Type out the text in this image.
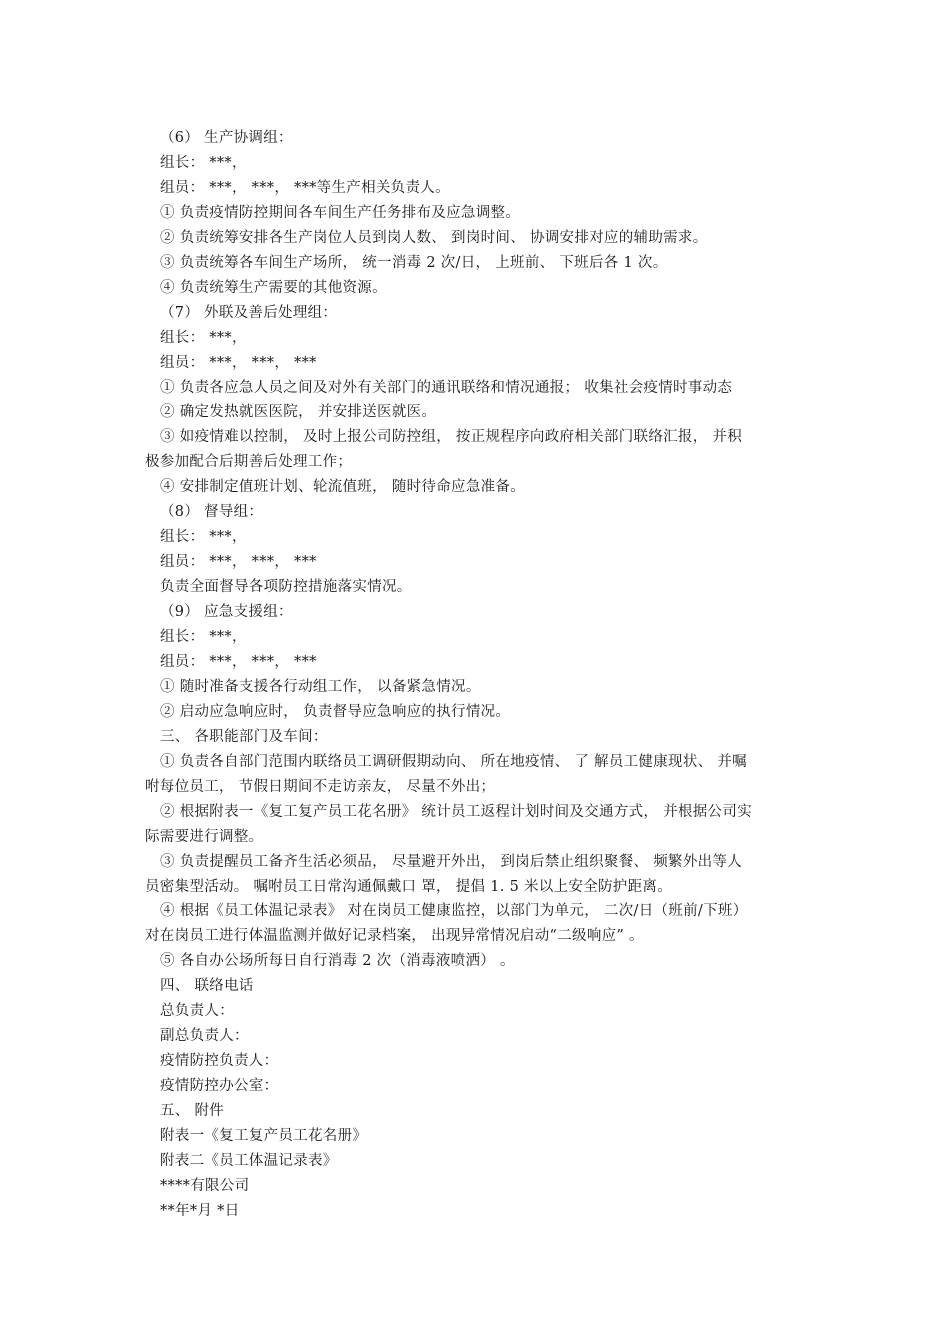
（6） 生产协调组：
组长： ***，
组员： ***， ***， ***等生产相关负责人。
① 负责疫情防控期间各车间生产任务排布及应急调整。
② 负责统筹安排各生产岗位人员到岗人数、 到岗时间、 协调安排对应的辅助需求。
③ 负责统筹各车间生产场所， 统一消毒 2 次/日， 上班前、 下班后各 1 次。
④ 负责统筹生产需要的其他资源。
（7） 外联及善后处理组：
组长： ***，
组员： ***， ***， ***
① 负责各应急人员之间及对外有关部门的通讯联络和情况通报； 收集社会疫情时事动态
② 确定发热就医医院， 并安排送医就医。
③ 如疫情难以控制， 及时上报公司防控组， 按正规程序向政府相关部门联络汇报， 并积
极参加配合后期善后处理工作；
④ 安排制定值班计划、轮流值班， 随时待命应急准备。
（8） 督导组：
组长： ***，
组员： ***， ***， ***
负责全面督导各项防控措施落实情况。
（9） 应急支援组：
组长： ***，
组员： ***， ***， ***
① 随时准备支援各行动组工作， 以备紧急情况。
② 启动应急响应时， 负责督导应急响应的执行情况。
三、 各职能部门及车间：
① 负责各自部门范围内联络员工调研假期动向、 所在地疫情、 了 解员工健康现状、 并嘱
咐每位员工， 节假日期间不走访亲友， 尽量不外出；
② 根据附表一《复工复产员工花名册》 统计员工返程计划时间及交通方式， 并根据公司实
际需要进行调整。
③ 负责提醒员工备齐生活必须品， 尽量避开外出， 到岗后禁止组织聚餐、 频繁外出等人
员密集型活动。 嘱咐员工日常沟通佩戴口 罩， 提倡 1. 5 米以上安全防护距离。
④ 根据《员工体温记录表》 对在岗员工健康监控，以部门为单元， 二次/日（班前/下班）
对在岗员工进行体温监测并做好记录档案， 出现异常情况启动“二级响应” 。
⑤ 各自办公场所每日自行消毒 2 次（消毒液喷洒） 。
四、 联络电话
总负责人：
副总负责人：
疫情防控负责人：
疫情防控办公室：
五、 附件
附表一《复工复产员工花名册》
附表二《员工体温记录表》
****有限公司
**年*月 *日
